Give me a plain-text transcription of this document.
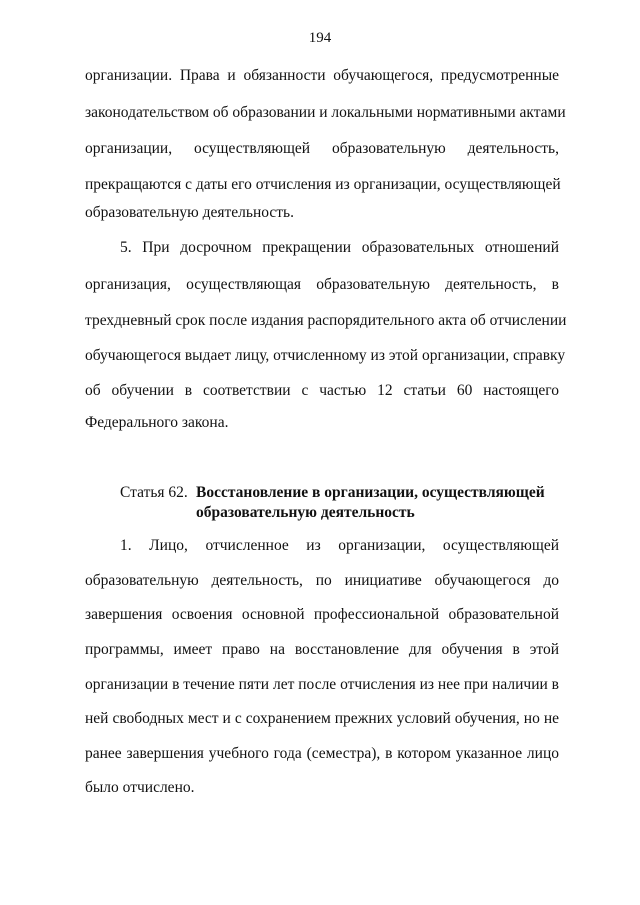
194
организации. Права и обязанности обучающегося, предусмотренные
законодательством об образовании и локальными нормативными актами
организации, осуществляющей образовательную деятельность,
прекращаются с даты его отчисления из организации, осуществляющей
образовательную деятельность.
5. При досрочном прекращении образовательных отношений
организация, осуществляющая образовательную деятельность, в
трехдневный срок после издания распорядительного акта об отчислении
обучающегося выдает лицу, отчисленному из этой организации, справку
об обучении в соответствии с частью 12 статьи 60 настоящего
Федерального закона.
Статья 62. Восстановление в организации, осуществляющей
образовательную деятельность
1. Лицо, отчисленное из организации, осуществляющей
образовательную деятельность, по инициативе обучающегося до
завершения освоения основной профессиональной образовательной
программы, имеет право на восстановление для обучения в этой
организации в течение пяти лет после отчисления из нее при наличии в
ней свободных мест и с сохранением прежних условий обучения, но не
ранее завершения учебного года (семестра), в котором указанное лицо
было отчислено.
